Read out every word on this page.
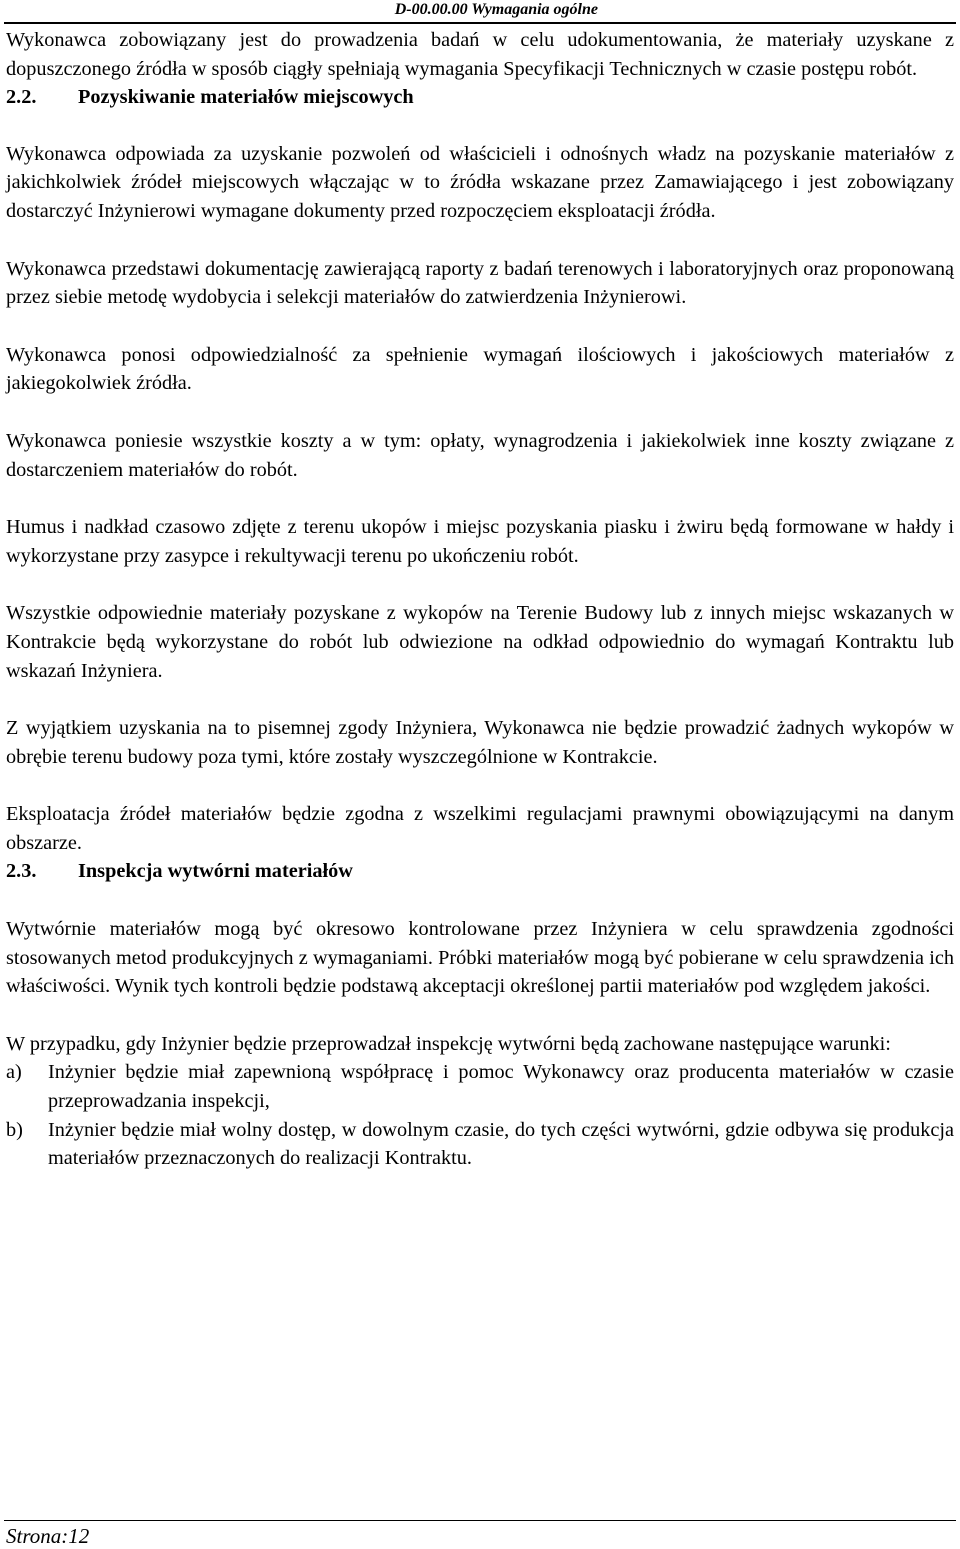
D-00.00.00 Wymagania ogólne

Wykonawca zobowiązany jest do prowadzenia badań w celu udokumentowania, że materiały uzyskane z dopuszczonego źródła w sposób ciągły spełniają wymagania Specyfikacji Technicznych w czasie postępu robót.

2.2.	Pozyskiwanie materiałów miejscowych

Wykonawca odpowiada za uzyskanie pozwoleń od właścicieli i odnośnych władz na pozyskanie materiałów z jakichkolwiek źródeł miejscowych włączając w to źródła wskazane przez Zamawiającego i jest zobowiązany dostarczyć Inżynierowi wymagane dokumenty przed rozpoczęciem eksploatacji źródła.

Wykonawca przedstawi dokumentację zawierającą raporty z badań terenowych i laboratoryjnych oraz proponowaną przez siebie metodę wydobycia i selekcji materiałów do zatwierdzenia Inżynierowi.

Wykonawca ponosi odpowiedzialność za spełnienie wymagań ilościowych i jakościowych materiałów z jakiegokolwiek źródła.

Wykonawca poniesie wszystkie koszty a w tym: opłaty, wynagrodzenia i jakiekolwiek inne koszty związane z dostarczeniem materiałów do robót.

Humus i nadkład czasowo zdjęte z terenu ukopów i miejsc pozyskania piasku i żwiru będą formowane w hałdy i wykorzystane przy zasypce i rekultywacji terenu po ukończeniu robót.

Wszystkie odpowiednie materiały pozyskane z wykopów na Terenie Budowy lub z innych miejsc wskazanych w Kontrakcie będą wykorzystane do robót lub odwiezione na odkład odpowiednio do wymagań Kontraktu lub wskazań Inżyniera.

Z wyjątkiem uzyskania na to pisemnej zgody Inżyniera, Wykonawca nie będzie prowadzić żadnych wykopów w obrębie terenu budowy poza tymi, które zostały wyszczególnione w Kontrakcie.

Eksploatacja źródeł materiałów będzie zgodna z wszelkimi regulacjami prawnymi obowiązującymi na danym obszarze.

2.3.	Inspekcja wytwórni materiałów

Wytwórnie materiałów mogą być okresowo kontrolowane przez Inżyniera w celu sprawdzenia zgodności stosowanych metod produkcyjnych z wymaganiami. Próbki materiałów mogą być pobierane w celu sprawdzenia ich właściwości. Wynik tych kontroli będzie podstawą akceptacji określonej partii materiałów pod względem jakości.

W przypadku, gdy Inżynier będzie przeprowadzał inspekcję wytwórni będą zachowane następujące warunki:

a)	Inżynier będzie miał zapewnioną współpracę i pomoc Wykonawcy oraz producenta materiałów w czasie przeprowadzania inspekcji,
b)	Inżynier będzie miał wolny dostęp, w dowolnym czasie, do tych części wytwórni, gdzie odbywa się produkcja materiałów przeznaczonych do realizacji Kontraktu.
Strona:12
